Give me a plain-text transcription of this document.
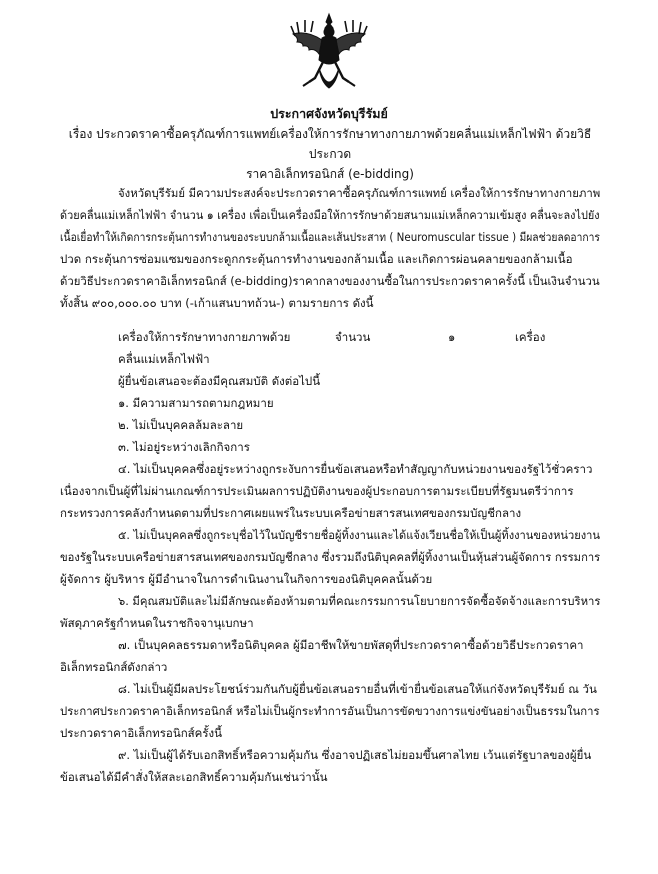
ประกาศจังหวัดบุรีรัมย์
เรื่อง ประกวดราคาซื้อครุภัณฑ์การแพทย์เครื่องให้การรักษาทางกายภาพด้วยคลื่นแม่เหล็กไฟฟ้า ด้วยวิธีประกวด
ราคาอิเล็กทรอนิกส์ (e-bidding)
จังหวัดบุรีรัมย์ มีความประสงค์จะประกวดราคาซื้อครุภัณฑ์การแพทย์ เครื่องให้การรักษาทางกายภาพ
ด้วยคลื่นแม่เหล็กไฟฟ้า จำนวน ๑ เครื่อง เพื่อเป็นเครื่องมือให้การรักษาด้วยสนามแม่เหล็กความเข้มสูง คลื่นจะลงไปยัง
เนื้อเยื่อทำให้เกิดการกระตุ้นการทำงานของระบบกล้ามเนื้อและเส้นประสาท ( Neuromuscular tissue ) มีผลช่วยลดอาการ
ปวด กระตุ้นการซ่อมแซมของกระดูกกระตุ้นการทำงานของกล้ามเนื้อ และเกิดการผ่อนคลายของกล้ามเนื้อ
ด้วยวิธีประกวดราคาอิเล็กทรอนิกส์ (e-bidding)ราคากลางของงานซื้อในการประกวดราคาครั้งนี้ เป็นเงินจำนวน
ทั้งสิ้น ๙๐๐,๐๐๐.๐๐ บาท (-เก้าแสนบาทถ้วน-) ตามรายการ ดังนี้
เครื่องให้การรักษาทางกายภาพด้วย	จำนวน	๑	เครื่อง
คลื่นแม่เหล็กไฟฟ้า
ผู้ยื่นข้อเสนอจะต้องมีคุณสมบัติ ดังต่อไปนี้
๑. มีความสามารถตามกฎหมาย
๒. ไม่เป็นบุคคลล้มละลาย
๓. ไม่อยู่ระหว่างเลิกกิจการ
๔. ไม่เป็นบุคคลซึ่งอยู่ระหว่างถูกระงับการยื่นข้อเสนอหรือทำสัญญากับหน่วยงานของรัฐไว้ชั่วคราว
เนื่องจากเป็นผู้ที่ไม่ผ่านเกณฑ์การประเมินผลการปฏิบัติงานของผู้ประกอบการตามระเบียบที่รัฐมนตรีว่าการ
กระทรวงการคลังกำหนดตามที่ประกาศเผยแพร่ในระบบเครือข่ายสารสนเทศของกรมบัญชีกลาง
๕. ไม่เป็นบุคคลซึ่งถูกระบุชื่อไว้ในบัญชีรายชื่อผู้ทิ้งงานและได้แจ้งเวียนชื่อให้เป็นผู้ทิ้งงานของหน่วยงาน
ของรัฐในระบบเครือข่ายสารสนเทศของกรมบัญชีกลาง ซึ่งรวมถึงนิติบุคคลที่ผู้ทิ้งงานเป็นหุ้นส่วนผู้จัดการ กรรมการ
ผู้จัดการ ผู้บริหาร ผู้มีอำนาจในการดำเนินงานในกิจการของนิติบุคคลนั้นด้วย
๖. มีคุณสมบัติและไม่มีลักษณะต้องห้ามตามที่คณะกรรมการนโยบายการจัดซื้อจัดจ้างและการบริหาร
พัสดุภาครัฐกำหนดในราชกิจจานุเบกษา
๗. เป็นบุคคลธรรมดาหรือนิติบุคคล ผู้มีอาชีพให้ขายพัสดุที่ประกวดราคาซื้อด้วยวิธีประกวดราคา
อิเล็กทรอนิกส์ดังกล่าว
๘. ไม่เป็นผู้มีผลประโยชน์ร่วมกันกับผู้ยื่นข้อเสนอรายอื่นที่เข้ายื่นข้อเสนอให้แก่จังหวัดบุรีรัมย์ ณ วัน
ประกาศประกวดราคาอิเล็กทรอนิกส์ หรือไม่เป็นผู้กระทำการอันเป็นการขัดขวางการแข่งขันอย่างเป็นธรรมในการ
ประกวดราคาอิเล็กทรอนิกส์ครั้งนี้
๙. ไม่เป็นผู้ได้รับเอกสิทธิ์หรือความคุ้มกัน ซึ่งอาจปฏิเสธไม่ยอมขึ้นศาลไทย เว้นแต่รัฐบาลของผู้ยื่น
ข้อเสนอได้มีคำสั่งให้สละเอกสิทธิ์ความคุ้มกันเช่นว่านั้น
